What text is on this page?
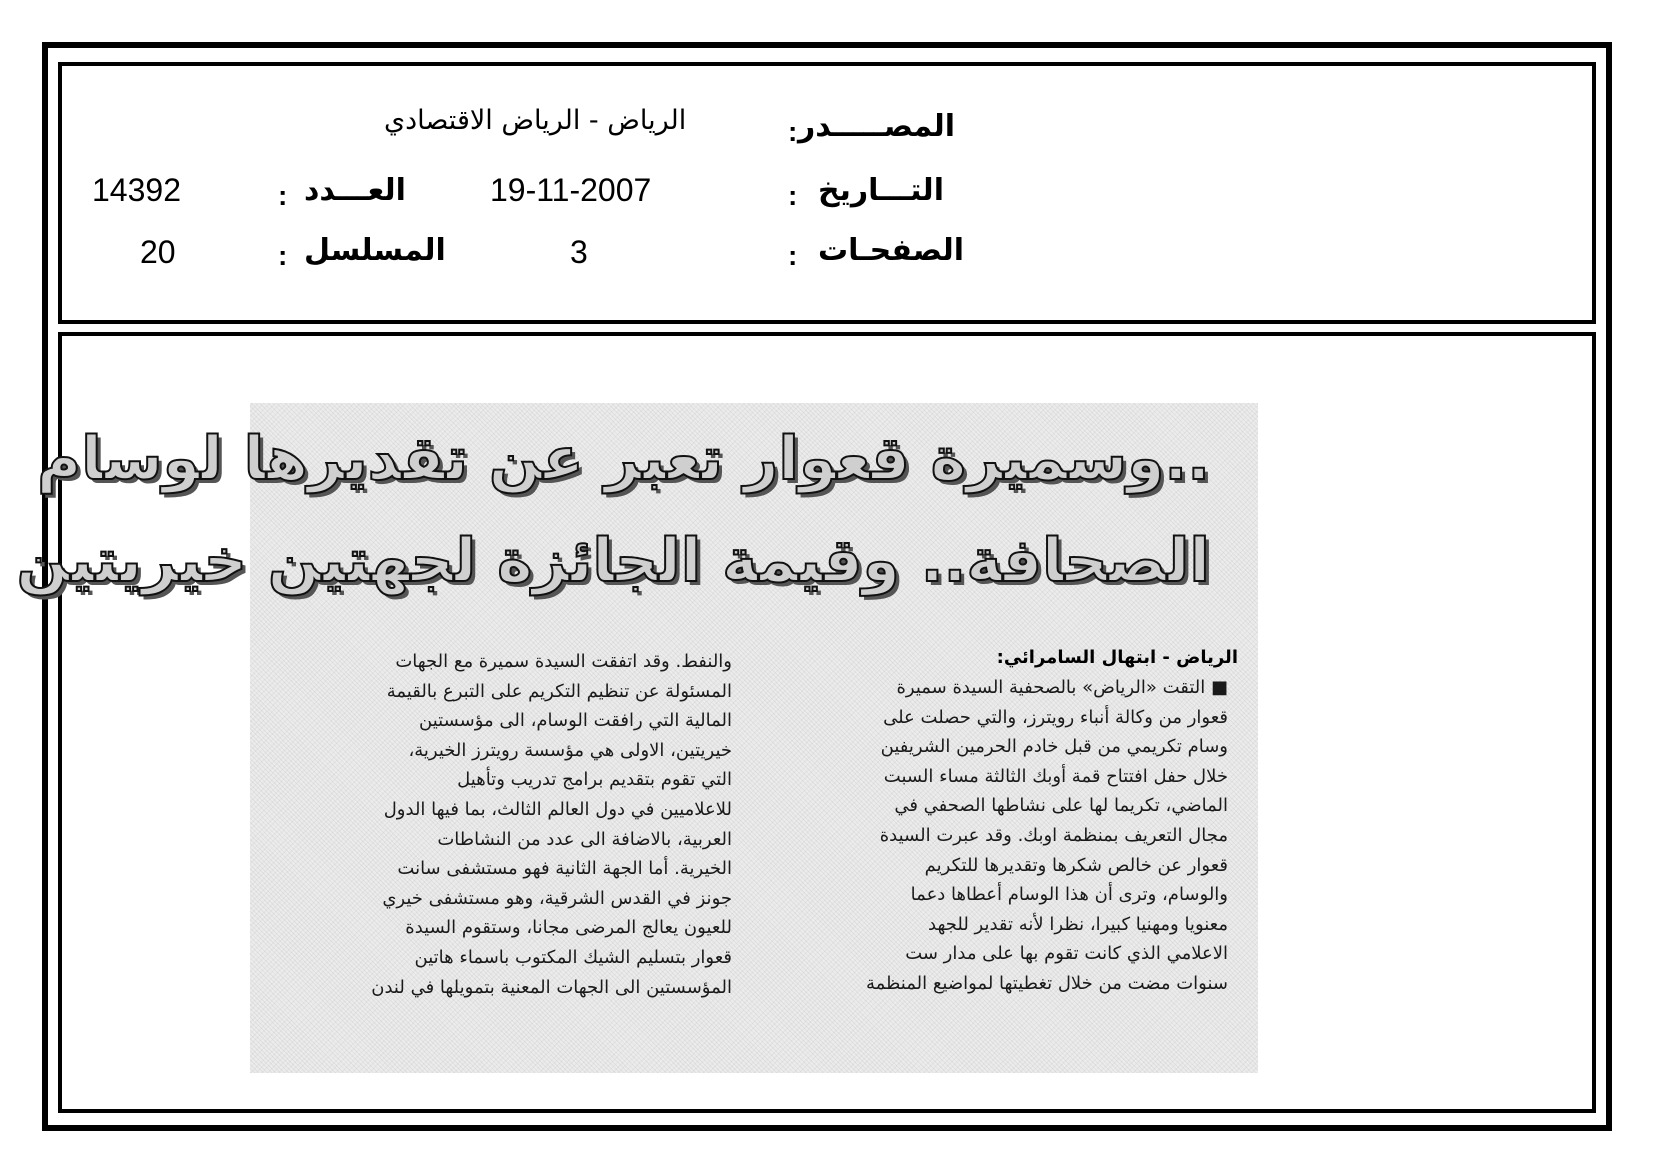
المصـــــدر
:
الرياض - الرياض الاقتصادي
التـــاريخ
:
19-11-2007
العـــدد
:
14392
الصفحـات
:
3
المسلسل
:
20
..وسميرة قعوار تعبر عن تقديرها لوسام
الصحافة.. وقيمة الجائزة لجهتين خيريتين
الرياض - ابتهال السامرائي:
■ التقت «الرياض» بالصحفية السيدة سميرة
قعوار من وكالة أنباء رويترز، والتي حصلت على
وسام تكريمي من قبل خادم الحرمين الشريفين
خلال حفل افتتاح قمة أوبك الثالثة مساء السبت
الماضي، تكريما لها على نشاطها الصحفي في
مجال التعريف بمنظمة اوبك. وقد عبرت السيدة
قعوار عن خالص شكرها وتقديرها للتكريم
والوسام، وترى أن هذا الوسام أعطاها دعما
معنويا ومهنيا كبيرا، نظرا لأنه تقدير للجهد
الاعلامي الذي كانت تقوم بها على مدار ست
سنوات مضت من خلال تغطيتها لمواضيع المنظمة
والنفط. وقد اتفقت السيدة سميرة مع الجهات
المسئولة عن تنظيم التكريم على التبرع بالقيمة
المالية التي رافقت الوسام، الى مؤسستين
خيريتين، الاولى هي مؤسسة رويترز الخيرية،
التي تقوم بتقديم برامج تدريب وتأهيل
للاعلاميين في دول العالم الثالث، بما فيها الدول
العربية، بالاضافة الى عدد من النشاطات
الخيرية. أما الجهة الثانية فهو مستشفى سانت
جونز في القدس الشرقية، وهو مستشفى خيري
للعيون يعالج المرضى مجانا، وستقوم السيدة
قعوار بتسليم الشيك المكتوب باسماء هاتين
المؤسستين الى الجهات المعنية بتمويلها في لندن
